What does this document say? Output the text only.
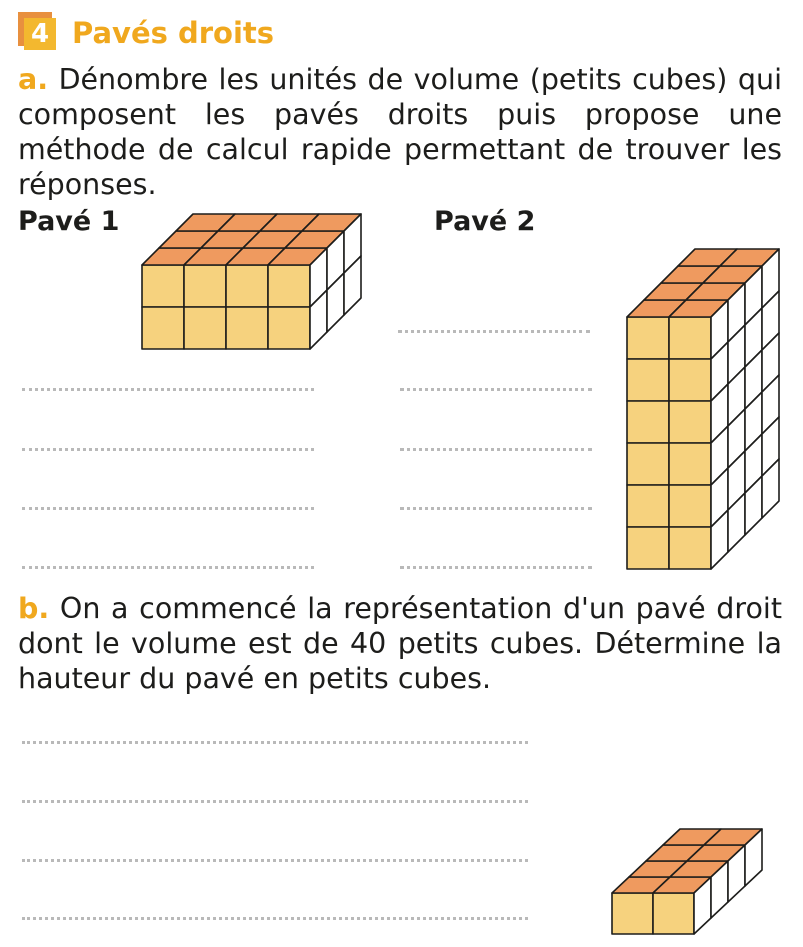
4 Pavés droits
a. Dénombre les unités de volume (petits cubes) qui composent les pavés droits puis propose une méthode de calcul rapide permettant de trouver les réponses.
Pavé 1	Pavé 2
b. On a commencé la représentation d'un pavé droit dont le volume est de 40 petits cubes. Détermine la hauteur du pavé en petits cubes.
